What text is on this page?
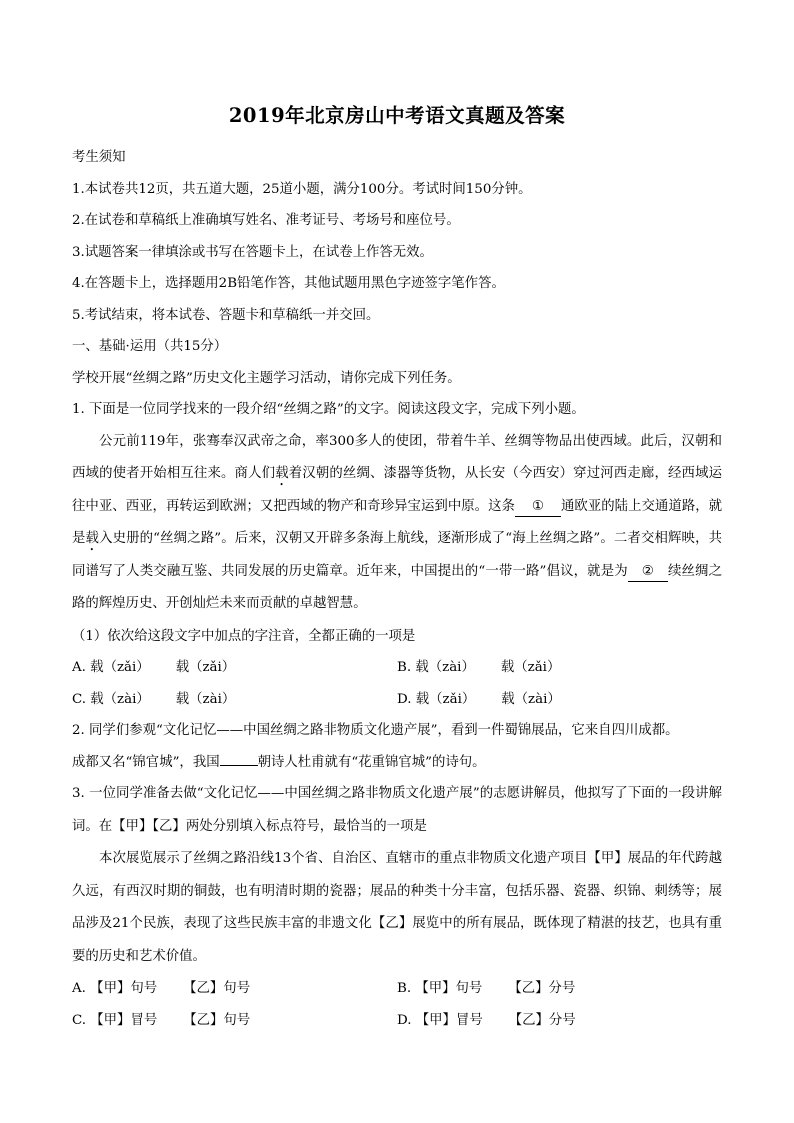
2019年北京房山中考语文真题及答案

考生须知

1.本试卷共12页，共五道大题，25道小题，满分100分。考试时间150分钟。

2.在试卷和草稿纸上准确填写姓名、准考证号、考场号和座位号。

3.试题答案一律填涂或书写在答题卡上，在试卷上作答无效。

4.在答题卡上，选择题用2B铅笔作答，其他试题用黑色字迹签字笔作答。

5.考试结束，将本试卷、答题卡和草稿纸一并交回。

一、基础·运用（共15分）

学校开展“丝绸之路”历史文化主题学习活动，请你完成下列任务。

1. 下面是一位同学找来的一段介绍“丝绸之路”的文字。阅读这段文字，完成下列小题。

公元前119年，张骞奉汉武帝之命，率300多人的使团，带着牛羊、丝绸等物品出使西域。此后，汉朝和西域的使者开始相互往来。商人们载着汉朝的丝绸、漆器等货物，从长安（今西安）穿过河西走廊，经西域运往中亚、西亚，再转运到欧洲；又把西域的物产和奇珍异宝运到中原。这条 ① 通欧亚的陆上交通道路，就是载入史册的“丝绸之路”。后来，汉朝又开辟多条海上航线，逐渐形成了“海上丝绸之路”。二者交相辉映，共同谱写了人类交融互鉴、共同发展的历史篇章。近年来，中国提出的“一带一路”倡议，就是为 ② 续丝绸之路的辉煌历史、开创灿烂未来而贡献的卓越智慧。

（1）依次给这段文字中加点的字注音，全都正确的一项是

A. 载（zǎi） 载（zǎi）	B. 载（zài） 载（zǎi）
C. 载（zài） 载（zài）	D. 载（zǎi） 载（zài）

2. 同学们参观“文化记忆——中国丝绸之路非物质文化遗产展”，看到一件蜀锦展品，它来自四川成都。

成都又名“锦官城”，我国	朝诗人杜甫就有“花重锦官城”的诗句。

3. 一位同学准备去做“文化记忆——中国丝绸之路非物质文化遗产展”的志愿讲解员，他拟写了下面的一段讲解词。在【甲】【乙】两处分别填入标点符号，最恰当的一项是

本次展览展示了丝绸之路沿线13个省、自治区、直辖市的重点非物质文化遗产项目【甲】展品的年代跨越久远，有西汉时期的铜鼓，也有明清时期的瓷器；展品的种类十分丰富，包括乐器、瓷器、织锦、刺绣等；展品涉及21个民族，表现了这些民族丰富的非遗文化【乙】展览中的所有展品，既体现了精湛的技艺，也具有重要的历史和艺术价值。

A. 【甲】句号 【乙】句号	B. 【甲】句号 【乙】分号
C. 【甲】冒号 【乙】句号	D. 【甲】冒号 【乙】分号
